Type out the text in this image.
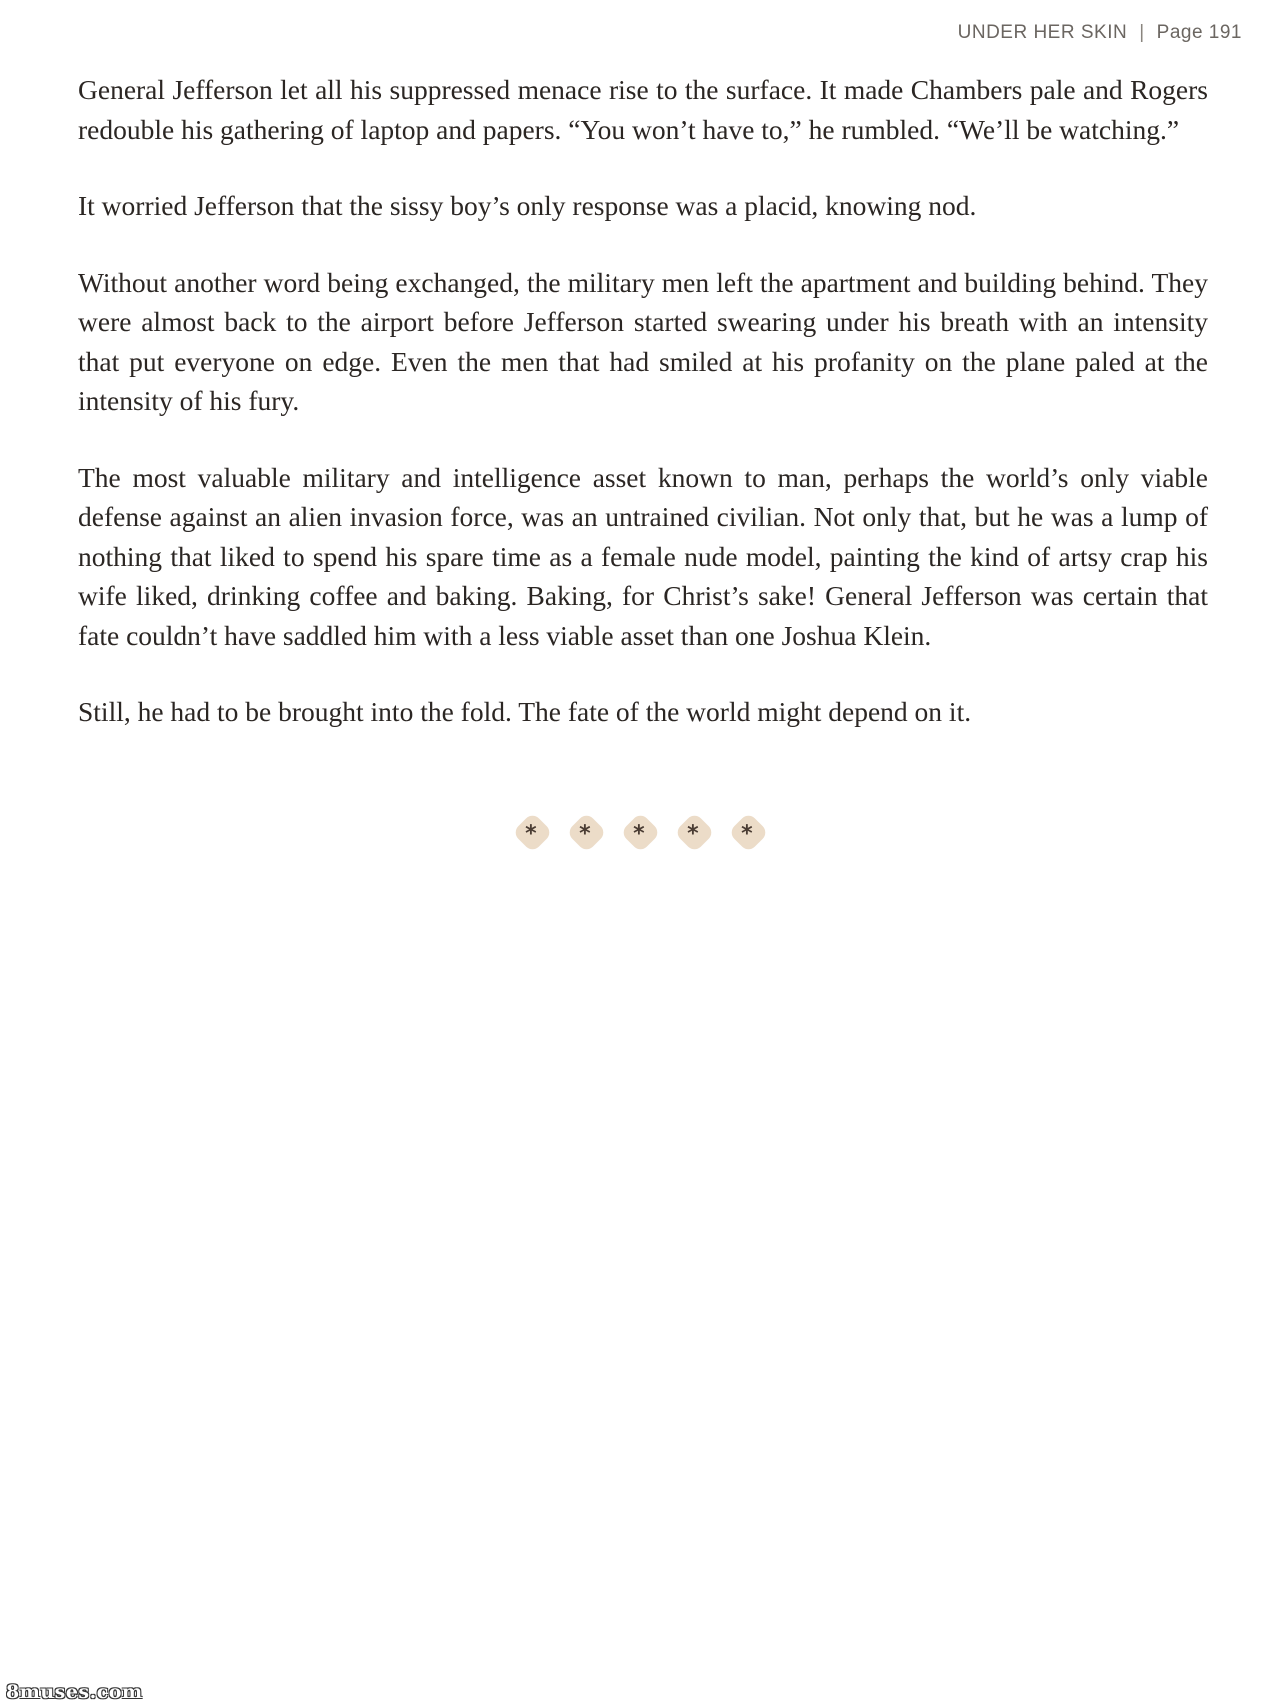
UNDER HER SKIN | Page 191

General Jefferson let all his suppressed menace rise to the surface. It made Chambers pale and Rogers redouble his gathering of laptop and papers. “You won’t have to,” he rumbled. “We’ll be watching.”

It worried Jefferson that the sissy boy’s only response was a placid, knowing nod.

Without another word being exchanged, the military men left the apartment and building behind. They were almost back to the airport before Jefferson started swearing under his breath with an intensity that put everyone on edge. Even the men that had smiled at his profanity on the plane paled at the intensity of his fury.

The most valuable military and intelligence asset known to man, perhaps the world’s only viable defense against an alien invasion force, was an untrained civilian. Not only that, but he was a lump of nothing that liked to spend his spare time as a female nude model, painting the kind of artsy crap his wife liked, drinking coffee and baking. Baking, for Christ’s sake! General Jefferson was certain that fate couldn’t have saddled him with a less viable asset than one Joshua Klein.

Still, he had to be brought into the fold. The fate of the world might depend on it.

* * * * *
8muses.com
